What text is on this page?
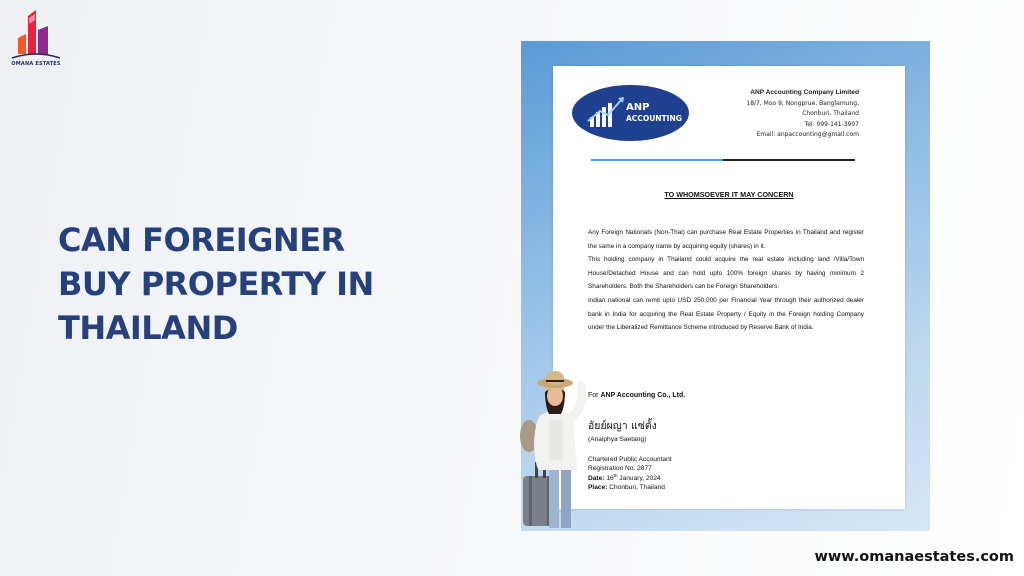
OMANA ESTATES
CAN FOREIGNER
BUY PROPERTY IN
THAILAND
ANP
ACCOUNTING
ANP Accounting Company Limited
18/7, Moo 9, Nongprue, Banglamung,
Chonburi, Thailand
Tel: 099-141-3907
Email: anpaccounting@gmail.com
TO WHOMSOEVER IT MAY CONCERN

Any Foreign Nationals (Non-Thai) can purchase Real Estate Properties in Thailand and register the same in a company name by acquiring equity (shares) in it.

This holding company in Thailand could acquire the real estate including land /Villa/Town House/Detached House and can hold upto 100% foreign shares by having minimum 2 Shareholders. Both the Shareholders can be Foreign Shareholders.

Indian national can remit upto USD 250,000 per Financial Year through their authorized dealer bank in India for acquiring the Real Estate Property / Equity in the Foreign holding Company under the Liberalized Remittance Scheme introduced by Reserve Bank of India.

For ANP Accounting Co., Ltd.
อัยย์ผญา แซ่ตั้ง
(Anaiphya Saetang)
Chartered Public Accountant
Registration No. 2877
Date: 16th January, 2024
Place: Chonburi, Thailand
www.omanaestates.com
